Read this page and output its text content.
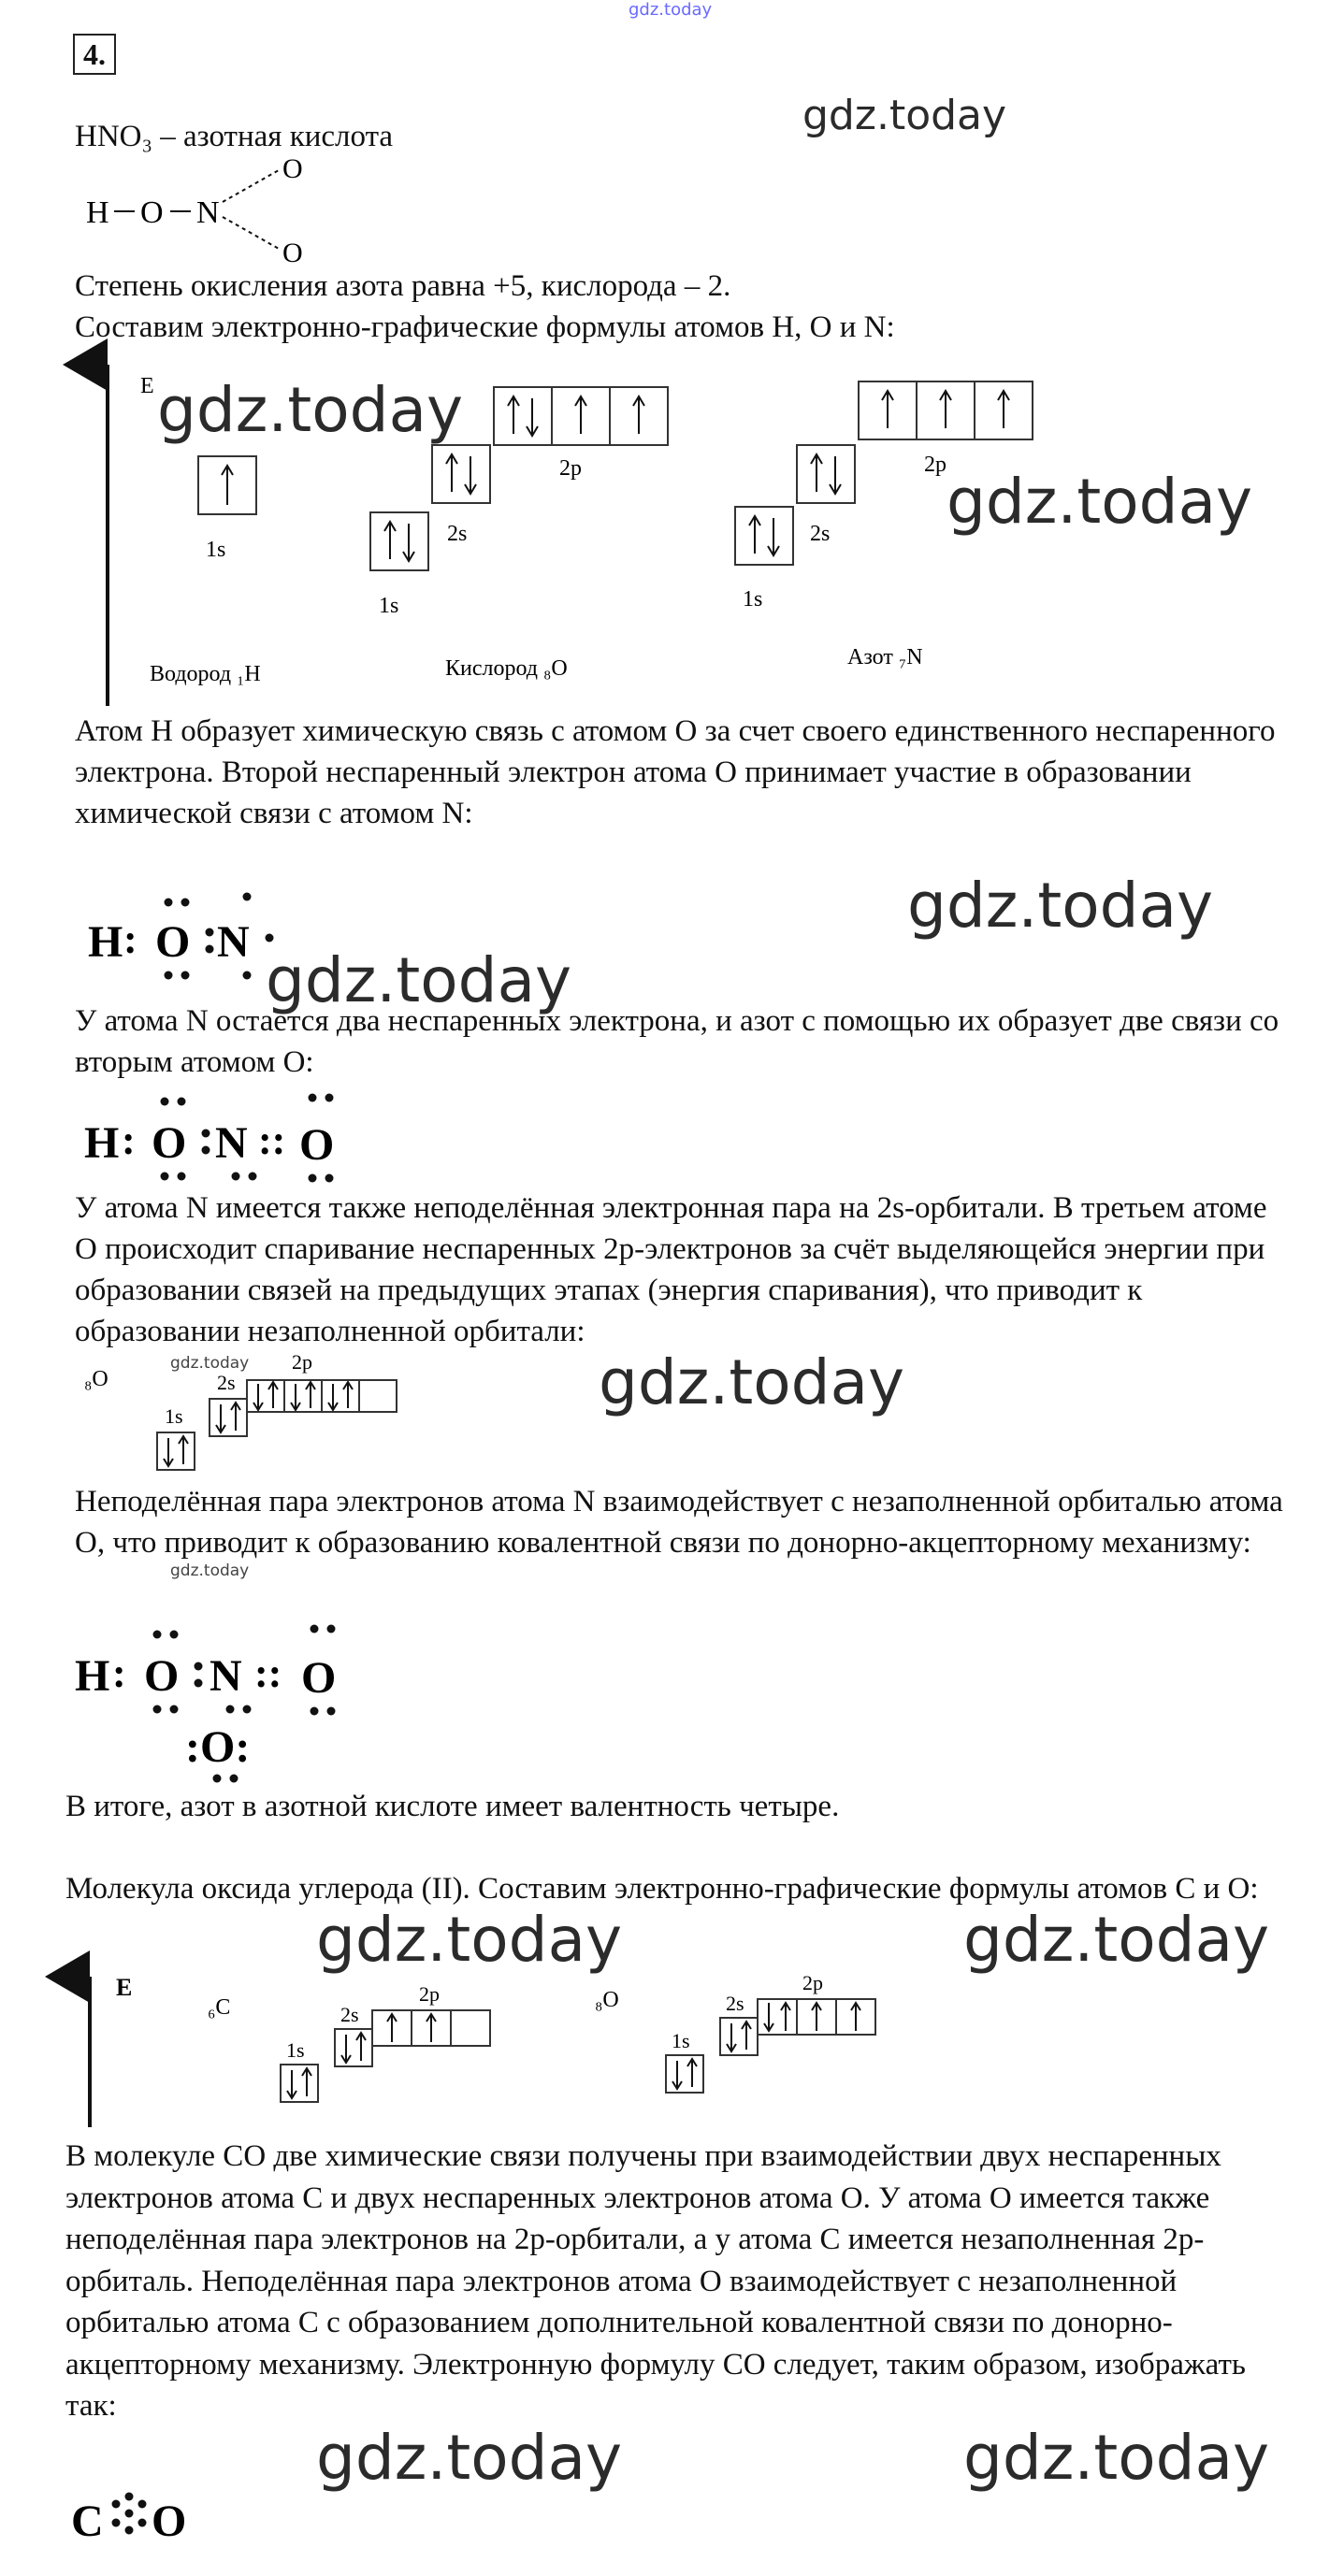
gdz.today
4.

HNO₃ – азотная кислота	gdz.today
H O N
O
O

Степень окисления азота равна +5, кислорода – 2.

Составим электронно-графические формулы атомов H, O и N:

E
1s
Водород ₁H
1s
2s
2p
Кислород ₈O
1s
2s
2p
Азот ₇N
gdz.today
gdz.today

Атом H образует химическую связь с атомом O за счет своего единственного неспаренного электрона. Второй неспаренный электрон атома O принимает участие в образовании химической связи с атомом N:

H : O N
gdz.today
gdz.today

У атома N остается два неспаренных электрона, и азот с помощью их образует две связи со вторым атомом O:

H : O N :: O

У атома N имеется также неподелённая электронная пара на 2s-орбитали. В третьем атоме O происходит спаривание неспаренных 2p-электронов за счёт выделяющейся энергии при образовании связей на предыдущих этапах (энергия спаривания), что приводит к образовании незаполненной орбитали:

₈O
1s
2s
2p
gdz.today	gdz.today

Неподелённая пара электронов атома N взаимодействует с незаполненной орбиталью атома O, что приводит к образованию ковалентной связи по донорно-акцепторному механизму:

gdz.today
H : O N :: O
:O:

В итоге, азот в азотной кислоте имеет валентность четыре.

Молекула оксида углерода (II). Составим электронно-графические формулы атомов C и O:

gdz.today	gdz.today
E
₆C
1s
2s
2p	₈O
1s
2s
2p

В молекуле CO две химические связи получены при взаимодействии двух неспаренных электронов атома C и двух неспаренных электронов атома O. У атома O имеется также неподелённая пара электронов на 2p-орбитали, а у атома C имеется незаполненная 2p-орбиталь. Неподелённая пара электронов атома O взаимодействует с незаполненной орбиталью атома C с образованием дополнительной ковалентной связи по донорно-акцепторному механизму. Электронную формулу CO следует, таким образом, изображать так:

gdz.today	gdz.today
C O
